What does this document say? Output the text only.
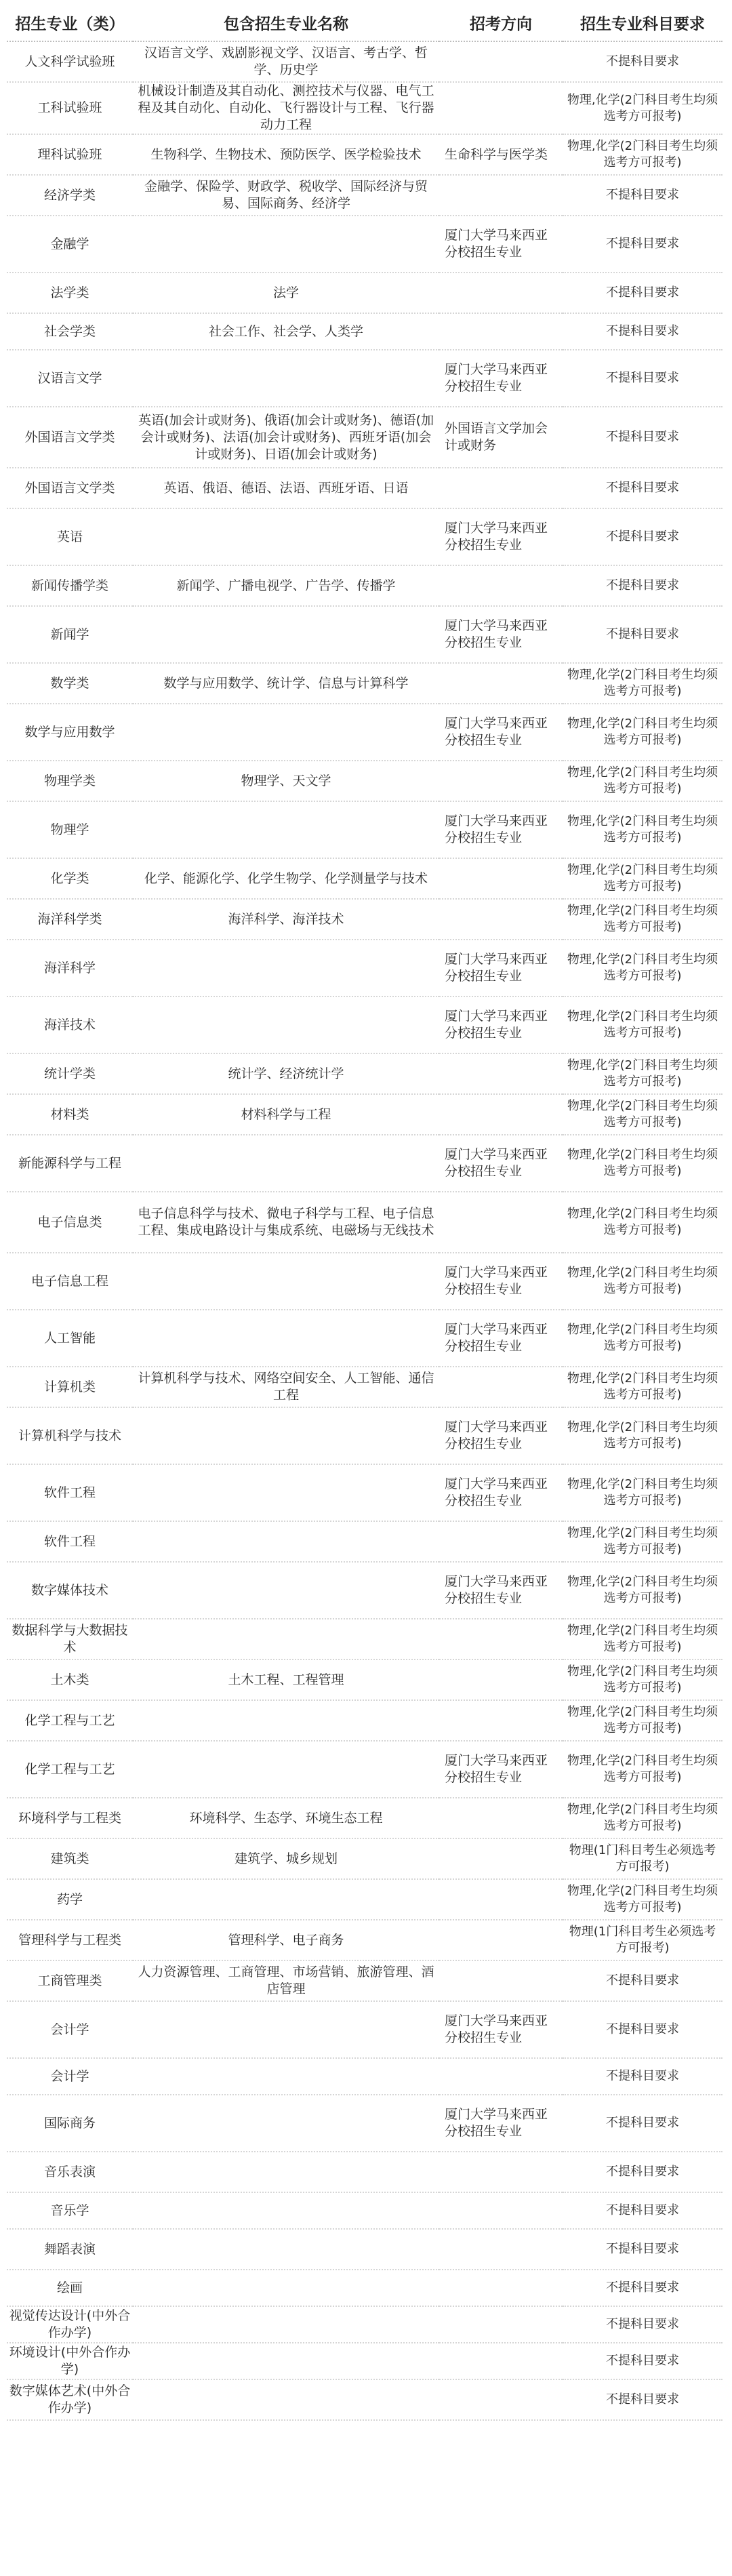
招生专业（类）	包含招生专业名称	招考方向	招生专业科目要求
人文科学试验班	汉语言文学、戏剧影视文学、汉语言、考古学、哲学、历史学		不提科目要求
工科试验班	机械设计制造及其自动化、测控技术与仪器、电气工程及其自动化、自动化、飞行器设计与工程、飞行器动力工程		物理,化学(2门科目考生均须选考方可报考)
理科试验班	生物科学、生物技术、预防医学、医学检验技术	生命科学与医学类	物理,化学(2门科目考生均须选考方可报考)
经济学类	金融学、保险学、财政学、税收学、国际经济与贸易、国际商务、经济学		不提科目要求
金融学		厦门大学马来西亚分校招生专业	不提科目要求
法学类	法学		不提科目要求
社会学类	社会工作、社会学、人类学		不提科目要求
汉语言文学		厦门大学马来西亚分校招生专业	不提科目要求
外国语言文学类	英语(加会计或财务)、俄语(加会计或财务)、德语(加会计或财务)、法语(加会计或财务)、西班牙语(加会计或财务)、日语(加会计或财务)	外国语言文学加会计或财务	不提科目要求
外国语言文学类	英语、俄语、德语、法语、西班牙语、日语		不提科目要求
英语		厦门大学马来西亚分校招生专业	不提科目要求
新闻传播学类	新闻学、广播电视学、广告学、传播学		不提科目要求
新闻学		厦门大学马来西亚分校招生专业	不提科目要求
数学类	数学与应用数学、统计学、信息与计算科学		物理,化学(2门科目考生均须选考方可报考)
数学与应用数学		厦门大学马来西亚分校招生专业	物理,化学(2门科目考生均须选考方可报考)
物理学类	物理学、天文学		物理,化学(2门科目考生均须选考方可报考)
物理学		厦门大学马来西亚分校招生专业	物理,化学(2门科目考生均须选考方可报考)
化学类	化学、能源化学、化学生物学、化学测量学与技术		物理,化学(2门科目考生均须选考方可报考)
海洋科学类	海洋科学、海洋技术		物理,化学(2门科目考生均须选考方可报考)
海洋科学		厦门大学马来西亚分校招生专业	物理,化学(2门科目考生均须选考方可报考)
海洋技术		厦门大学马来西亚分校招生专业	物理,化学(2门科目考生均须选考方可报考)
统计学类	统计学、经济统计学		物理,化学(2门科目考生均须选考方可报考)
材料类	材料科学与工程		物理,化学(2门科目考生均须选考方可报考)
新能源科学与工程		厦门大学马来西亚分校招生专业	物理,化学(2门科目考生均须选考方可报考)
电子信息类	电子信息科学与技术、微电子科学与工程、电子信息工程、集成电路设计与集成系统、电磁场与无线技术		物理,化学(2门科目考生均须选考方可报考)
电子信息工程		厦门大学马来西亚分校招生专业	物理,化学(2门科目考生均须选考方可报考)
人工智能		厦门大学马来西亚分校招生专业	物理,化学(2门科目考生均须选考方可报考)
计算机类	计算机科学与技术、网络空间安全、人工智能、通信工程		物理,化学(2门科目考生均须选考方可报考)
计算机科学与技术		厦门大学马来西亚分校招生专业	物理,化学(2门科目考生均须选考方可报考)
软件工程		厦门大学马来西亚分校招生专业	物理,化学(2门科目考生均须选考方可报考)
软件工程			物理,化学(2门科目考生均须选考方可报考)
数字媒体技术		厦门大学马来西亚分校招生专业	物理,化学(2门科目考生均须选考方可报考)
数据科学与大数据技术			物理,化学(2门科目考生均须选考方可报考)
土木类	土木工程、工程管理		物理,化学(2门科目考生均须选考方可报考)
化学工程与工艺			物理,化学(2门科目考生均须选考方可报考)
化学工程与工艺		厦门大学马来西亚分校招生专业	物理,化学(2门科目考生均须选考方可报考)
环境科学与工程类	环境科学、生态学、环境生态工程		物理,化学(2门科目考生均须选考方可报考)
建筑类	建筑学、城乡规划		物理(1门科目考生必须选考方可报考)
药学			物理,化学(2门科目考生均须选考方可报考)
管理科学与工程类	管理科学、电子商务		物理(1门科目考生必须选考方可报考)
工商管理类	人力资源管理、工商管理、市场营销、旅游管理、酒店管理		不提科目要求
会计学		厦门大学马来西亚分校招生专业	不提科目要求
会计学			不提科目要求
国际商务		厦门大学马来西亚分校招生专业	不提科目要求
音乐表演			不提科目要求
音乐学			不提科目要求
舞蹈表演			不提科目要求
绘画			不提科目要求
视觉传达设计(中外合作办学)			不提科目要求
环境设计(中外合作办学)			不提科目要求
数字媒体艺术(中外合作办学)			不提科目要求
